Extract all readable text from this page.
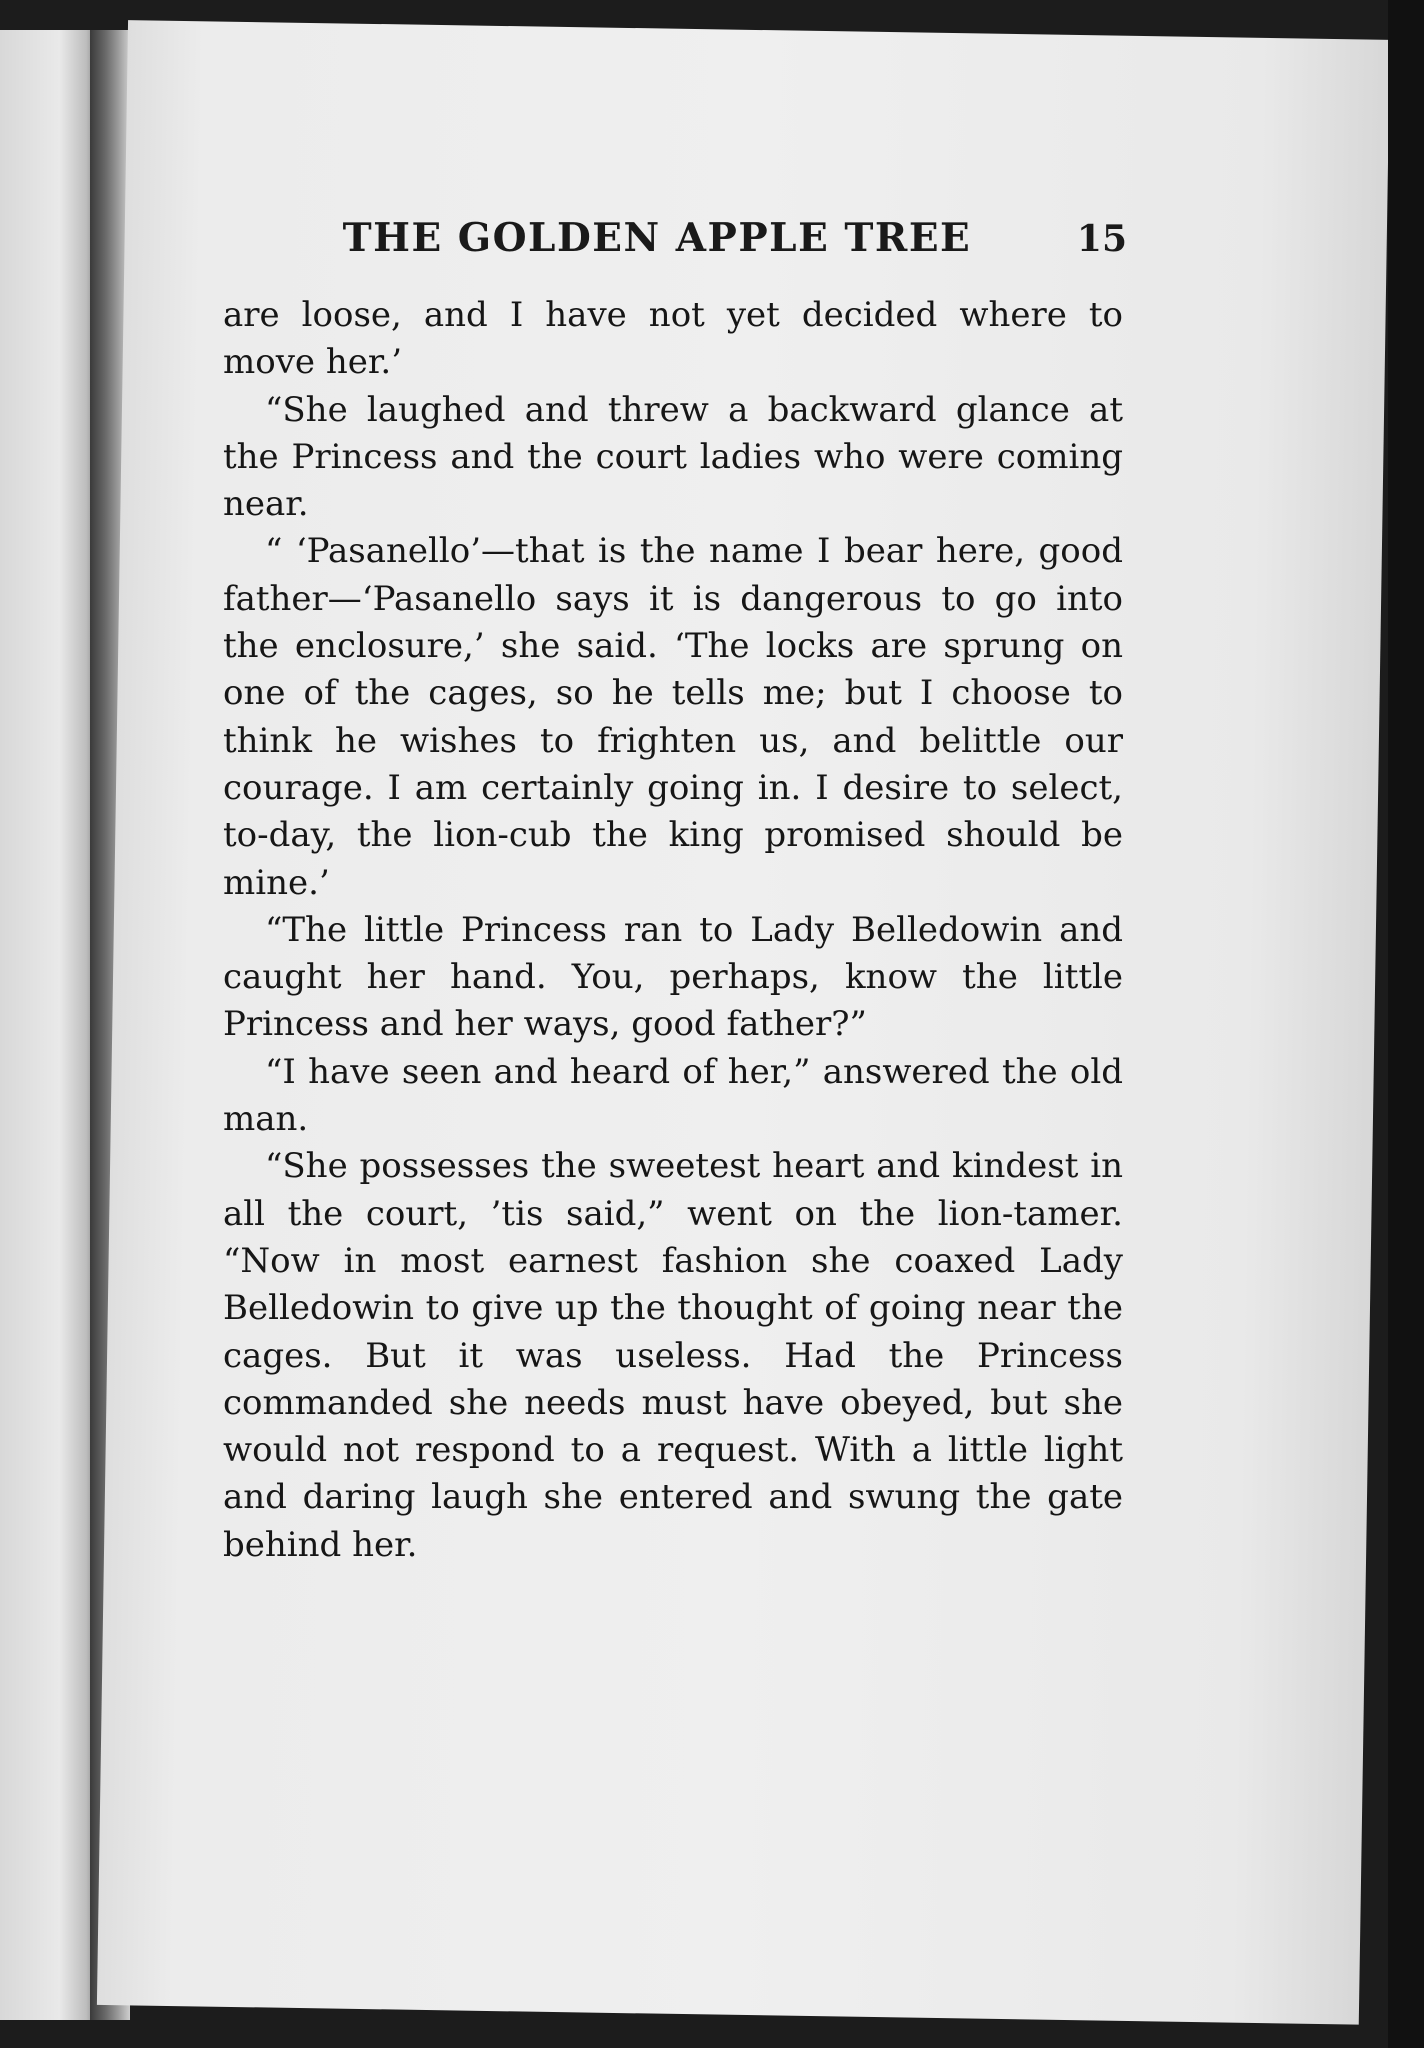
THE GOLDEN APPLE TREE	15

are loose, and I have not yet decided where to move her.’

“She laughed and threw a backward glance at the Princess and the court ladies who were coming near.

“ ‘Pasanello’—that is the name I bear here, good father—‘Pasanello says it is dangerous to go into the enclosure,’ she said. ‘The locks are sprung on one of the cages, so he tells me; but I choose to think he wishes to frighten us, and belittle our courage. I am certainly going in. I desire to select, to-day, the lion-cub the king promised should be mine.’

“The little Princess ran to Lady Belledowin and caught her hand. You, perhaps, know the little Princess and her ways, good father?”

“I have seen and heard of her,” answered the old man.

“She possesses the sweetest heart and kindest in all the court, ’tis said,” went on the lion-tamer. “Now in most earnest fashion she coaxed Lady Belledowin to give up the thought of going near the cages. But it was useless. Had the Princess commanded she needs must have obeyed, but she would not respond to a request. With a little light and daring laugh she entered and swung the gate behind her.
